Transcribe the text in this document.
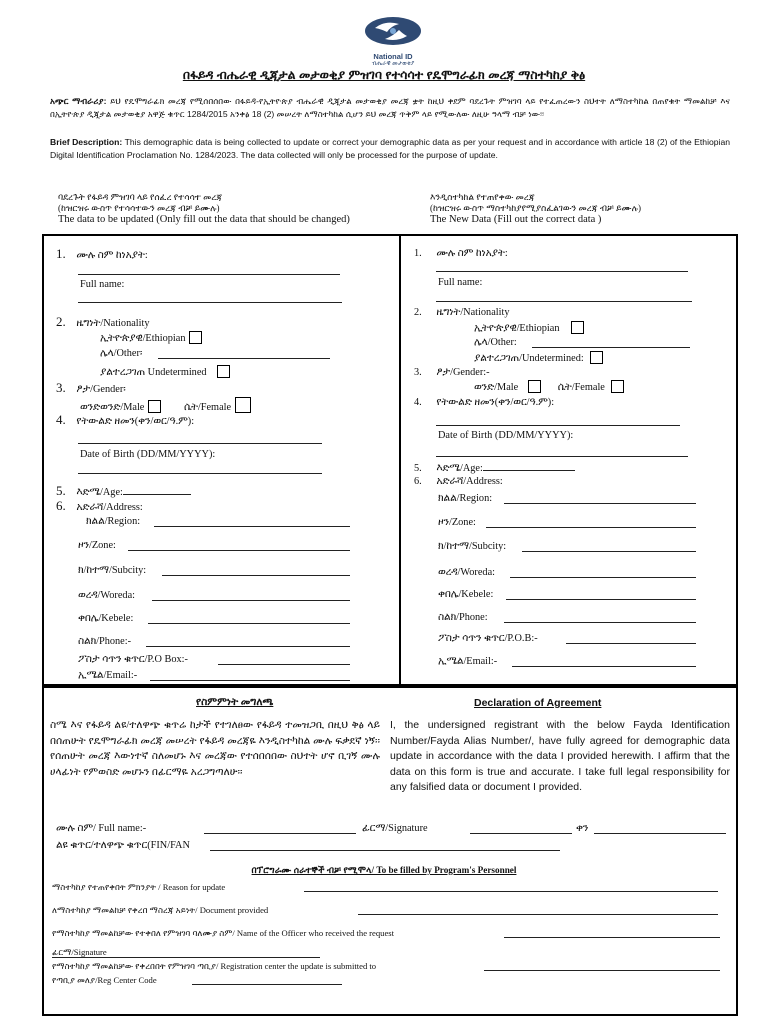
National ID
ብሔራዊ መታወቂያ
በፋይዳ ብሔራዊ ዲጂታል መታወቂያ ምዝገባ የተሳሳተ የዴሞግራፊክ መረጃ ማስተካከያ ቅፅ
አጭር ማብራሪያ: ይህ የዴሞግራፊክ መረጃ የሚሰበሰበው በፋይዳ-የኢትዮጵያ ብሔራዊ ዲጂታል መታወቂያ መረጃ ቋት ከዚህ ቀደም ባደረጉት ምዝገባ ላይ የተፈጠረውን ስህተት ለማስተካከል በጠየቁት ማመልከቻ እና በኢትዮጵያ ዲጂታል መታወቂያ አዋጅ ቁጥር 1284/2015 አንቀፅ 18 (2) መሠረት ለማስተካከል ሲሆን ይህ መረጃ ጥቅም ላይ የሚውለው ለዚሁ ዓላማ ብቻ ነው፡፡
Brief Description: This demographic data is being collected to update or correct your demographic data as per your request and in accordance with article 18 (2) of the Ethiopian Digital Identification Proclamation No. 1284/2023. The data collected will only be processed for the purpose of update.
ባደረጉት የፋይዳ ምዝገባ ላይ የሰፈረ የተሳሳተ መረጃ
(ከዝርዝሩ ውስጥ የተሳሳተውን መረጃ ብቻ ይሙሉ)
The data to be updated (Only fill out the data that should be changed)
እንዲስተካከል የተጠየቀው መረጃ
(ከዝርዝሩ ውስጥ ማስተካከያየሚያስፈልገውን መረጃ ብቻ ይሙሉ)
The New Data (Fill out the correct data )
1. ሙሉ ስም ከነአያት:
Full name:
2. ዜግነት/Nationality
ኢትዮጵያዊ/Ethiopian
ሌላ/Other፡
ያልተረጋገጠ Undetermined
3. ፆታ/Gender፡
ወንድወንድ/Male	ሴት/Female
4. የትውልድ ዘመን(ቀን/ወር/ዓ.ም):
Date of Birth (DD/MM/YYYY):
5. እድሜ/Age:
6. አድራሻ/Address:
ክልል/Region:
ዞን/Zone:
ክ/ከተማ/Subcity:
ወረዳ/Woreda:
ቀበሌ/Kebele:
ስልክ/Phone:-
ፖስታ ሳጥን ቁጥር/P.O Box:-
ኢሜል/Email:-
1. ሙሉ ስም ከነአያት:
Full name:
2. ዜግነት/Nationality
ኢትዮጵያዊ/Ethiopian
ሌላ/Other:
ያልተረጋገጠ/Undetermined:
3. ፆታ/Gender:-
ወንድ/Male	ሴት/Female
4. የትውልድ ዘመን(ቀን/ወር/ዓ.ም):
Date of Birth (DD/MM/YYYY):
5. እድሜ/Age:
6. አድራሻ/Address:
ክልል/Region:
ዞን/Zone:
ክ/ከተማ/Subcity:
ወረዳ/Woreda:
ቀበሌ/Kebele:
ስልክ/Phone:
ፖስታ ሳጥን ቁጥር/P.O.B:-
ኢሜል/Email:-
የስምምነት መግለጫ	Declaration of Agreement
ስሜ እና የፋይዳ ልዩ/ተለዋጭ ቁጥሬ ከታች የተገለፀው የፋይዳ ተመዝጋቢ በዚህ ቅፅ ላይ በሰጠሁት የዴሞግራፊክ መረጃ መሠረት የፋይዳ መረጃዬ እንዲስተካከል ሙሉ ፍቃደኛ ነኝ፡፡ የሰጠሁት መረጃ እውነተኛ ስለመሆኑ እና መረጃው የተሰበሰበው ስህተት ሆኖ ቢገኝ ሙሉ ሀላፊነት የምወስድ መሆኑን በፊርማዬ አረጋግጣለሁ፡፡
I, the undersigned registrant with the below Fayda Identification Number/Fayda Alias Number/, have fully agreed for demographic data update in accordance with the data I provided herewith. I affirm that the data on this form is true and accurate. I take full legal responsibility for any falsified data or document I provided.
ሙሉ ስም/ Full name:-	ፊርማ/Signature	ቀን
ልዩ ቁጥር/ተለዋጭ ቁጥር(FIN/FAN
በፕሮግራሙ ሰራተኞች ብቻ የሚሞላ/ To be filled by Program's Personnel
ማስተካከያ የተጠየቀበት ምክንያት / Reason for update
ለማስተካከያ ማመልከቻ የቀረበ ማስረጃ አይነት/ Document provided
የማስተካከያ ማመልከቻው የተቀበለ የምዝገባ ባለሙያ ስም/ Name of the Officer who received the request
ፊርማ/Signature
የማስተካከያ ማመልከቻው የቀረበበት የምዝገባ ጣቢያ/ Registration center the update is submitted to
የጣቢያ መለያ/Reg Center Code
